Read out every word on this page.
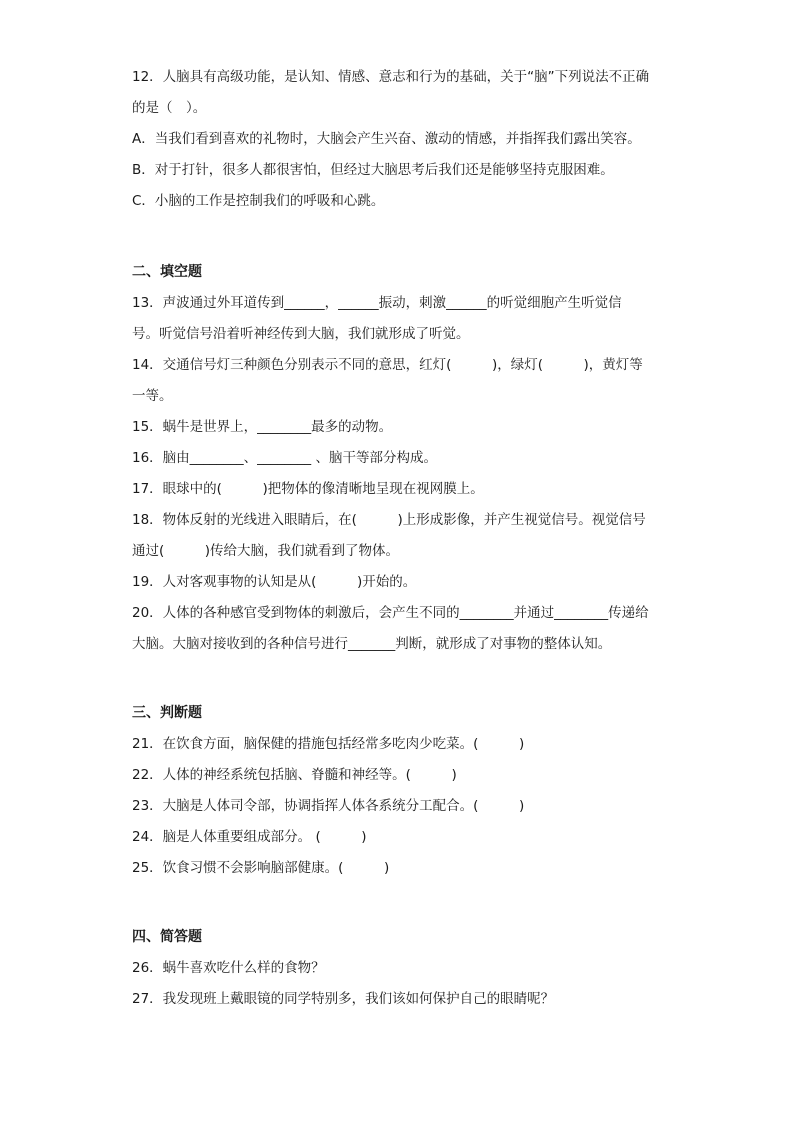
12．人脑具有高级功能，是认知、情感、意志和行为的基础，关于“脑”下列说法不正确
的是（　）。
A．当我们看到喜欢的礼物时，大脑会产生兴奋、激动的情感，并指挥我们露出笑容。
B．对于打针，很多人都很害怕，但经过大脑思考后我们还是能够坚持克服困难。
C．小脑的工作是控制我们的呼吸和心跳。
二、填空题
13．声波通过外耳道传到______，______振动，刺激______的听觉细胞产生听觉信
号。听觉信号沿着听神经传到大脑，我们就形成了听觉。
14．交通信号灯三种颜色分别表示不同的意思，红灯(　　　)，绿灯(　　　)，黄灯等
一等。
15．蜗牛是世界上，________最多的动物。
16．脑由________、________ 、脑干等部分构成。
17．眼球中的(　　　)把物体的像清晰地呈现在视网膜上。
18．物体反射的光线进入眼睛后，在(　　　)上形成影像，并产生视觉信号。视觉信号
通过(　　　)传给大脑，我们就看到了物体。
19．人对客观事物的认知是从(　　　)开始的。
20．人体的各种感官受到物体的刺激后，会产生不同的________并通过________传递给
大脑。大脑对接收到的各种信号进行_______判断，就形成了对事物的整体认知。
三、判断题
21．在饮食方面，脑保健的措施包括经常多吃肉少吃菜。(　　　)
22．人体的神经系统包括脑、脊髓和神经等。(　　　)
23．大脑是人体司令部，协调指挥人体各系统分工配合。(　　　)
24．脑是人体重要组成部分。 (　　　)
25．饮食习惯不会影响脑部健康。(　　　)
四、简答题
26．蜗牛喜欢吃什么样的食物？
27．我发现班上戴眼镜的同学特别多，我们该如何保护自己的眼睛呢？
